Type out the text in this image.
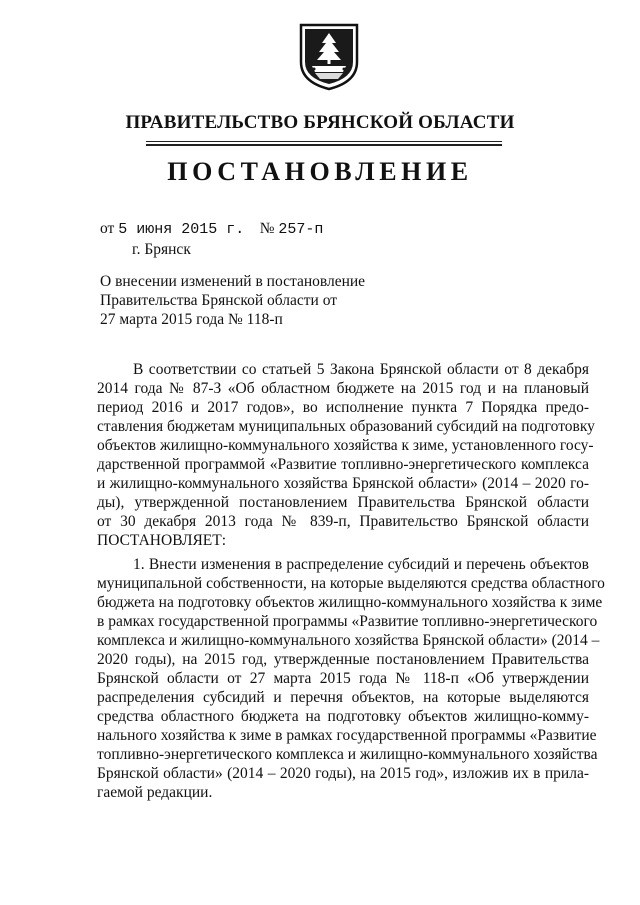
ПРАВИТЕЛЬСТВО БРЯНСКОЙ ОБЛАСТИ
ПОСТАНОВЛЕНИЕ
от 5 июня 2015 г. № 257-п
г. Брянск
О внесении изменений в постановление
Правительства Брянской области от
27 марта 2015 года № 118-п
В соответствии со статьей 5 Закона Брянской области от 8 декабря
2014 года № 87-З «Об областном бюджете на 2015 год и на плановый
период 2016 и 2017 годов», во исполнение пункта 7 Порядка предо-
ставления бюджетам муниципальных образований субсидий на подготовку
объектов жилищно-коммунального хозяйства к зиме, установленного госу-
дарственной программой «Развитие топливно-энергетического комплекса
и жилищно-коммунального хозяйства Брянской области» (2014 – 2020 го-
ды), утвержденной постановлением Правительства Брянской области
от 30 декабря 2013 года № 839-п, Правительство Брянской области
ПОСТАНОВЛЯЕТ:
1. Внести изменения в распределение субсидий и перечень объектов
муниципальной собственности, на которые выделяются средства областного
бюджета на подготовку объектов жилищно-коммунального хозяйства к зиме
в рамках государственной программы «Развитие топливно-энергетического
комплекса и жилищно-коммунального хозяйства Брянской области» (2014 –
2020 годы), на 2015 год, утвержденные постановлением Правительства
Брянской области от 27 марта 2015 года № 118-п «Об утверждении
распределения субсидий и перечня объектов, на которые выделяются
средства областного бюджета на подготовку объектов жилищно-комму-
нального хозяйства к зиме в рамках государственной программы «Развитие
топливно-энергетического комплекса и жилищно-коммунального хозяйства
Брянской области» (2014 – 2020 годы), на 2015 год», изложив их в прила-
гаемой редакции.
